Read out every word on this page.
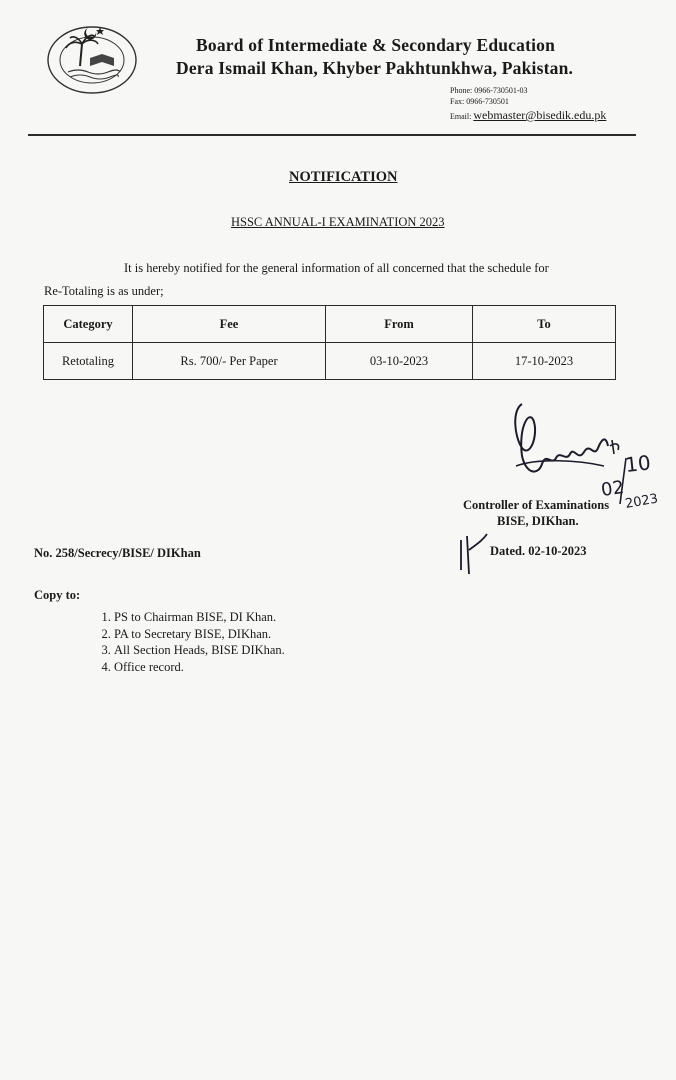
Board of Intermediate & Secondary Education
Dera Ismail Khan, Khyber Pakhtunkhwa, Pakistan.
Phone: 0966-730501-03
Fax: 0966-730501
Email: webmaster@bisedik.edu.pk
NOTIFICATION
HSSC ANNUAL-I EXAMINATION 2023
It is hereby notified for the general information of all concerned that the schedule for
Re-Totaling is as under;
Category	Fee	From	To
Retotaling	Rs. 700/- Per Paper	03-10-2023	17-10-2023
02
10
2023
Controller of Examinations
BISE, DIKhan.
Dated. 02-10-2023
No. 258/Secrecy/BISE/ DIKhan
Copy to:
1. PS to Chairman BISE, DI Khan.
2. PA to Secretary BISE, DIKhan.
3. All Section Heads, BISE DIKhan.
4. Office record.
